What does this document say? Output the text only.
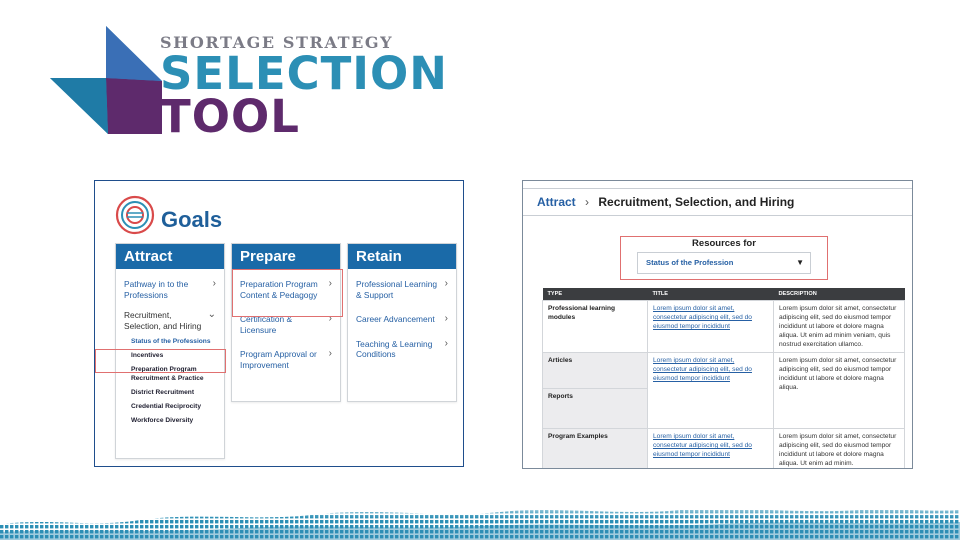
SHORTAGE STRATEGY
SELECTION
TOOL
Goals
Attract
Pathway in to the Professions
›
Recruitment, Selection, and Hiring
⌄
Status of the Professions
Incentives
Preparation Program Recruitment & Practice
District Recruitment
Credential Reciprocity
Workforce Diversity
Prepare
Preparation Program Content & Pedagogy
›
Certification & Licensure
›
Program Approval or Improvement
›
Retain
Professional Learning & Support
›
Career Advancement ›
Teaching & Learning Conditions
›
Attract › Recruitment, Selection, and Hiring
Resources for
Status of the Profession	▼
TYPE	TITLE	DESCRIPTION
Professional learning modules	Lorem ipsum dolor sit amet, consectetur adipiscing elit, sed do eiusmod tempor incididunt	Lorem ipsum dolor sit amet, consectetur adipiscing elit, sed do eiusmod tempor incididunt ut labore et dolore magna aliqua. Ut enim ad minim veniam, quis nostrud exercitation ullamco.
Articles	Lorem ipsum dolor sit amet, consectetur adipiscing elit, sed do eiusmod tempor incididunt	Lorem ipsum dolor sit amet, consectetur adipiscing elit, sed do eiusmod tempor incididunt ut labore et dolore magna aliqua.
Reports		
Program Examples	Lorem ipsum dolor sit amet, consectetur adipiscing elit, sed do eiusmod tempor incididunt	Lorem ipsum dolor sit amet, consectetur adipiscing elit, sed do eiusmod tempor incididunt ut labore et dolore magna aliqua. Ut enim ad minim.
